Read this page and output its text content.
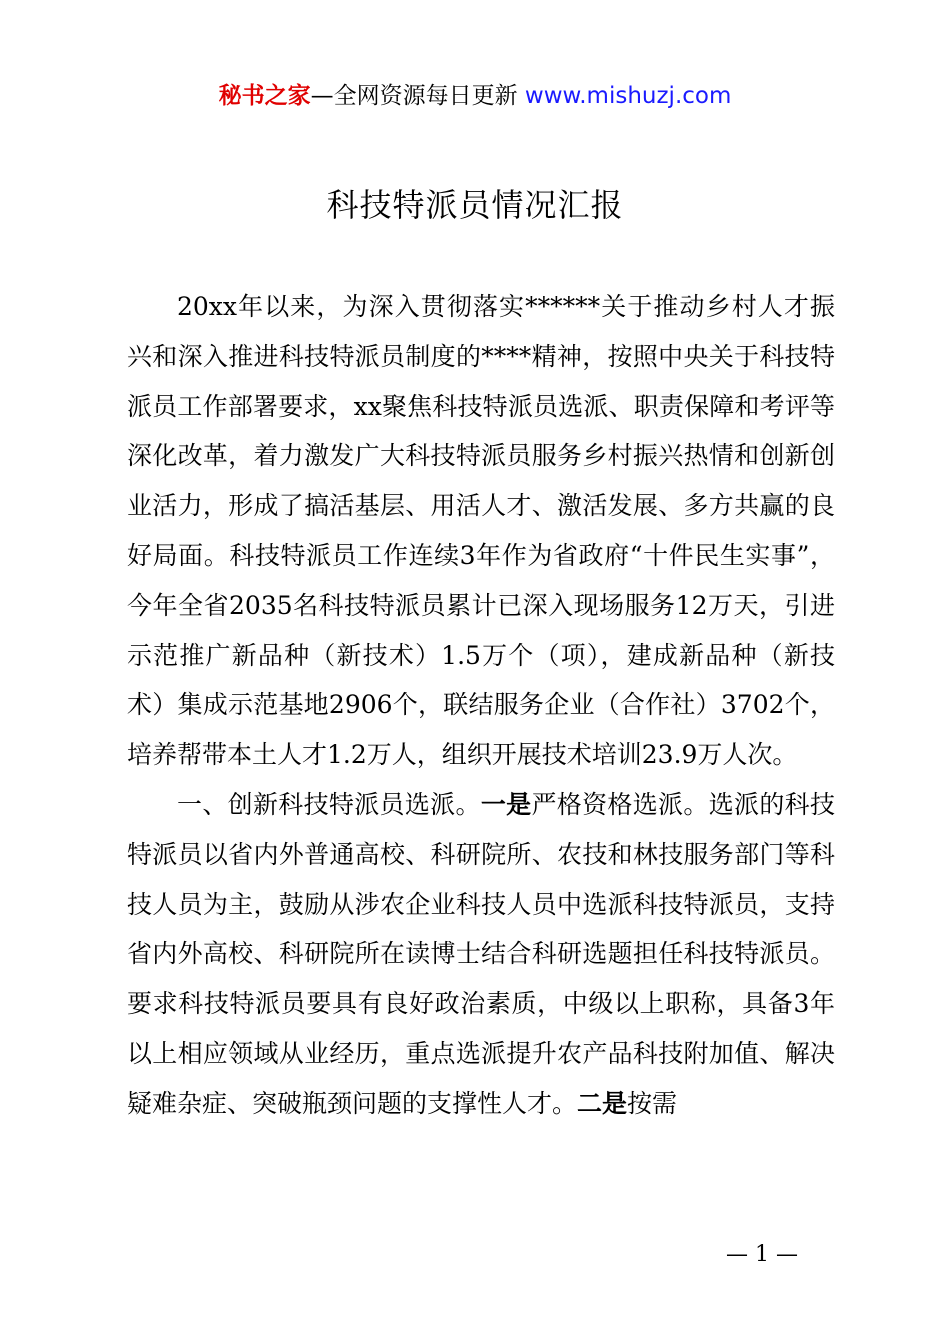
秘书之家—全网资源每日更新 www.mishuzj.com
科技特派员情况汇报

20xx年以来，为深入贯彻落实******关于推动乡村人才振兴和深入推进科技特派员制度的****精神，按照中央关于科技特派员工作部署要求，xx聚焦科技特派员选派、职责保障和考评等深化改革，着力激发广大科技特派员服务乡村振兴热情和创新创业活力，形成了搞活基层、用活人才、激活发展、多方共赢的良好局面。科技特派员工作连续3年作为省政府“十件民生实事”，今年全省2035名科技特派员累计已深入现场服务12万天，引进示范推广新品种（新技术）1.5万个（项），建成新品种（新技术）集成示范基地2906个，联结服务企业（合作社）3702个，培养帮带本土人才1.2万人，组织开展技术培训23.9万人次。

一、创新科技特派员选派。一是严格资格选派。选派的科技特派员以省内外普通高校、科研院所、农技和林技服务部门等科技人员为主，鼓励从涉农企业科技人员中选派科技特派员，支持省内外高校、科研院所在读博士结合科研选题担任科技特派员。要求科技特派员要具有良好政治素质，中级以上职称，具备3年以上相应领域从业经历，重点选派提升农产品科技附加值、解决疑难杂症、突破瓶颈问题的支撑性人才。二是按需

— 1 —
